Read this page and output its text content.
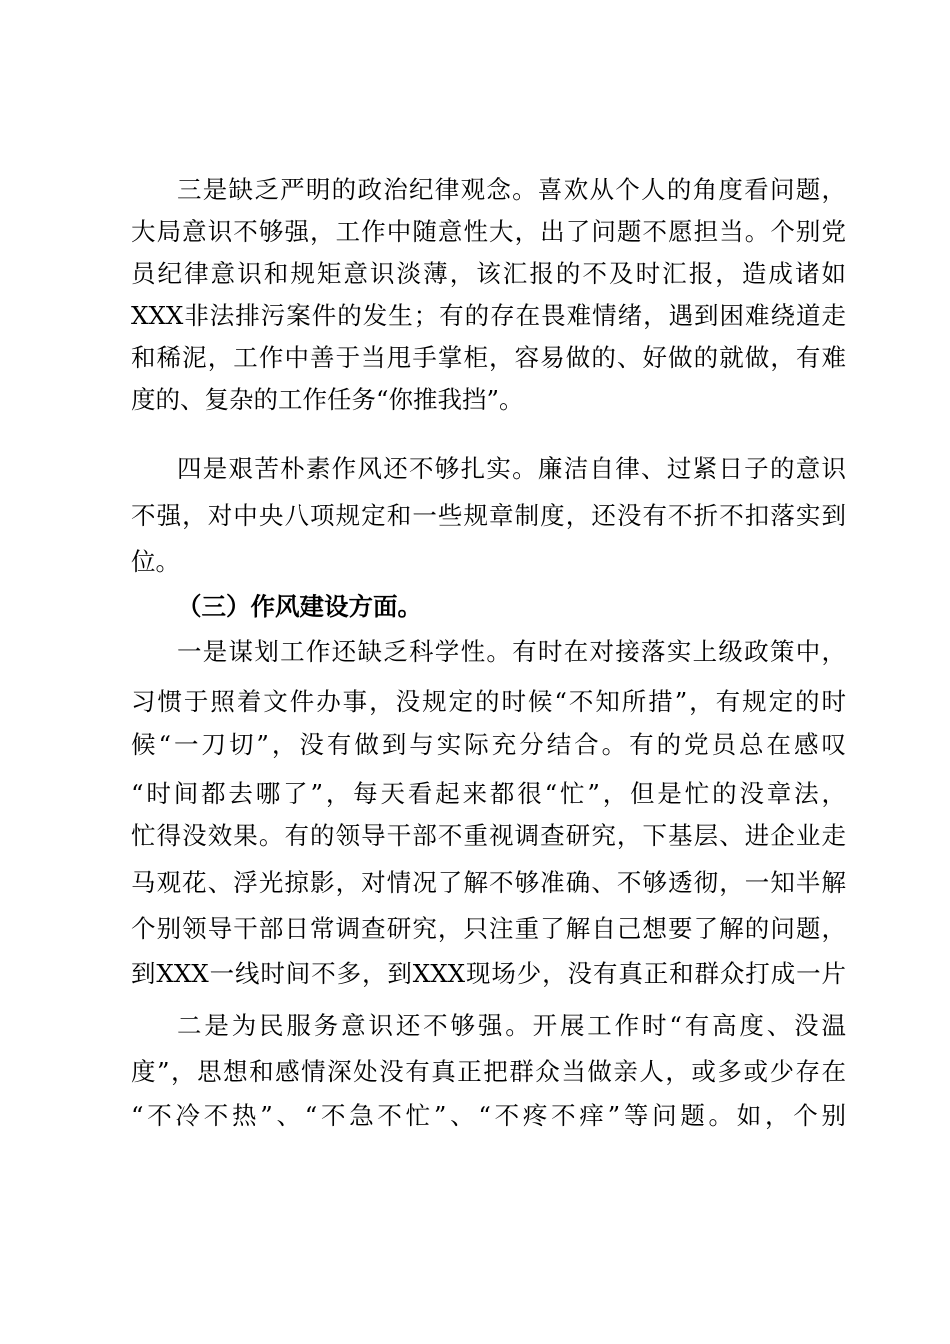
三是缺乏严明的政治纪律观念。喜欢从个人的角度看问题，
大局意识不够强，工作中随意性大，出了问题不愿担当。个别党
员纪律意识和规矩意识淡薄，该汇报的不及时汇报，造成诸如
XXX非法排污案件的发生；有的存在畏难情绪，遇到困难绕道走
和稀泥，工作中善于当甩手掌柜，容易做的、好做的就做，有难
度的、复杂的工作任务“你推我挡”。
四是艰苦朴素作风还不够扎实。廉洁自律、过紧日子的意识
不强，对中央八项规定和一些规章制度，还没有不折不扣落实到
位。
（三）作风建设方面。
一是谋划工作还缺乏科学性。有时在对接落实上级政策中，
习惯于照着文件办事，没规定的时候“不知所措”，有规定的时
候“一刀切”，没有做到与实际充分结合。有的党员总在感叹
“时间都去哪了”，每天看起来都很“忙”，但是忙的没章法，
忙得没效果。有的领导干部不重视调查研究，下基层、进企业走
马观花、浮光掠影，对情况了解不够准确、不够透彻，一知半解
个别领导干部日常调查研究，只注重了解自己想要了解的问题，
到XXX一线时间不多，到XXX现场少，没有真正和群众打成一片
二是为民服务意识还不够强。开展工作时“有高度、没温
度”，思想和感情深处没有真正把群众当做亲人，或多或少存在
“不冷不热”、“不急不忙”、“不疼不痒”等问题。如，个别
